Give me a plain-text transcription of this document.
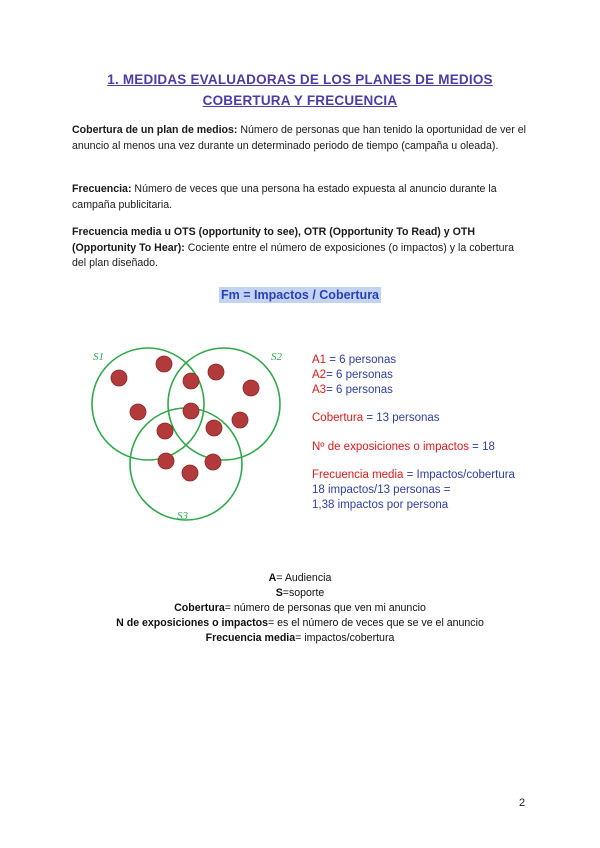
1. MEDIDAS EVALUADORAS DE LOS PLANES DE MEDIOS
COBERTURA Y FRECUENCIA
Cobertura de un plan de medios: Número de personas que han tenido la oportunidad de ver el anuncio al menos una vez durante un determinado periodo de tiempo (campaña u oleada).
Frecuencia: Número de veces que una persona ha estado expuesta al anuncio durante la campaña publicitaria.
Frecuencia media u OTS (opportunity to see), OTR (Opportunity To Read) y OTH (Opportunity To Hear): Cociente entre el número de exposiciones (o impactos) y la cobertura del plan diseñado.
Fm = Impactos / Cobertura
S1	S2
S3
A1 = 6 personas
A2= 6 personas
A3= 6 personas
Cobertura = 13 personas
Nº de exposiciones o impactos = 18
Frecuencia media = Impactos/cobertura
18 impactos/13 personas =
1,38 impactos por persona
A= Audiencia
S=soporte
Cobertura= número de personas que ven mi anuncio
N de exposiciones o impactos= es el número de veces que se ve el anuncio
Frecuencia media= impactos/cobertura
2
